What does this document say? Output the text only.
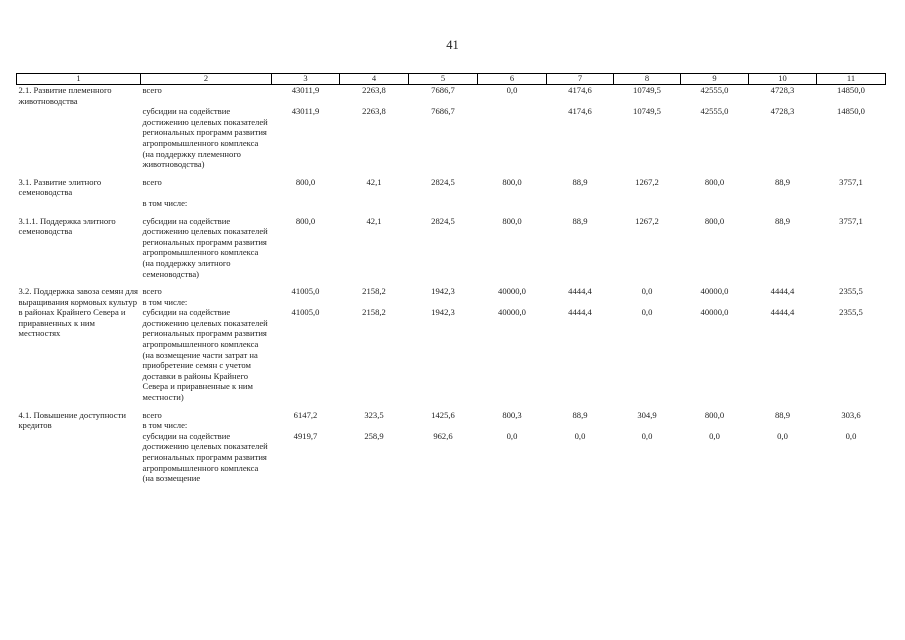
41
1	2	3	4	5	6	7	8	9	10	11
2.1. Развитие племенного животноводства	всего	43011,9	2263,8	7686,7	0,0	4174,6	10749,5	42555,0	4728,3	14850,0
	субсидии на содействие достижению целевых показателей региональных программ развития агропромышленного комплекса (на поддержку племенного животноводства)	43011,9	2263,8	7686,7		4174,6	10749,5	42555,0	4728,3	14850,0

3.1. Развитие элитного семеноводства	всего	800,0	42,1	2824,5	800,0	88,9	1267,2	800,0	88,9	3757,1
	в том числе:									

3.1.1. Поддержка элитного семеноводства	субсидии на содействие достижению целевых показателей региональных программ развития агропромышленного комплекса (на поддержку элитного семеноводства)	800,0	42,1	2824,5	800,0	88,9	1267,2	800,0	88,9	3757,1

3.2. Поддержка завоза семян для выращивания кормовых культур в районах Крайнего Севера и приравненных к ним местностях	всего	41005,0	2158,2	1942,3	40000,0	4444,4	0,0	40000,0	4444,4	2355,5
	в том числе:									
	субсидии на содействие достижению целевых показателей региональных программ развития агропромышленного комплекса (на возмещение части затрат на приобретение семян с учетом доставки в районы Крайнего Севера и приравненные к ним местности)	41005,0	2158,2	1942,3	40000,0	4444,4	0,0	40000,0	4444,4	2355,5

4.1. Повышение доступности кредитов	всего	6147,2	323,5	1425,6	800,3	88,9	304,9	800,0	88,9	303,6
	в том числе:									
	субсидии на содействие достижению целевых показателей региональных программ развития агропромышленного комплекса (на возмещение	4919,7	258,9	962,6	0,0	0,0	0,0	0,0	0,0	0,0
